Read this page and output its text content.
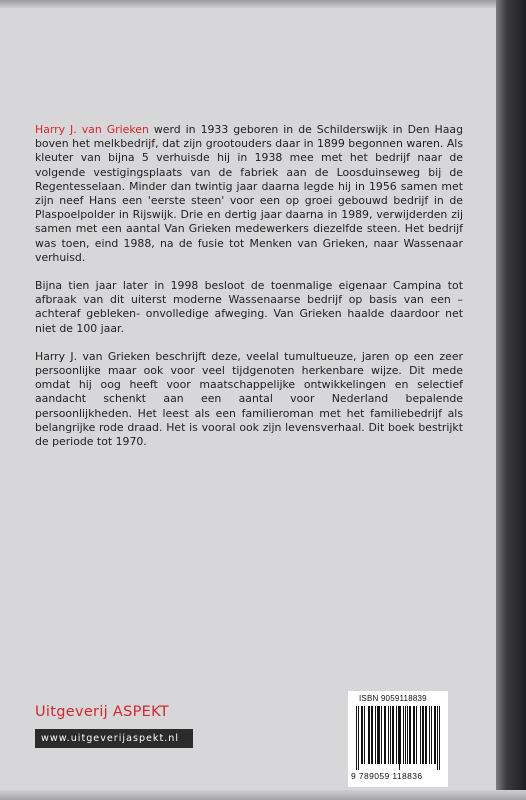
Harry J. van Grieken werd in 1933 geboren in de Schilderswijk in Den Haag boven het melkbedrijf, dat zijn grootouders daar in 1899 begonnen waren. Als kleuter van bijna 5 verhuisde hij in 1938 mee met het bedrijf naar de volgende vestigingsplaats van de fabriek aan de Loosduinseweg bij de Regentesselaan. Minder dan twintig jaar daarna legde hij in 1956 samen met zijn neef Hans een 'eerste steen' voor een op groei gebouwd bedrijf in de Plaspoelpolder in Rijswijk. Drie en dertig jaar daarna in 1989, verwijderden zij samen met een aantal Van Grieken medewerkers diezelfde steen. Het bedrijf was toen, eind 1988, na de fusie tot Menken van Grieken, naar Wassenaar verhuisd.

Bijna tien jaar later in 1998 besloot de toenmalige eigenaar Campina tot afbraak van dit uiterst moderne Wassenaarse bedrijf op basis van een – achteraf gebleken- onvolledige afweging. Van Grieken haalde daardoor net niet de 100 jaar.

Harry J. van Grieken beschrijft deze, veelal tumultueuze, jaren op een zeer persoonlijke maar ook voor veel tijdgenoten herkenbare wijze. Dit mede omdat hij oog heeft voor maatschappelijke ontwikkelingen en selectief aandacht schenkt aan een aantal voor Nederland bepalende persoonlijkheden. Het leest als een familieroman met het familiebedrijf als belangrijke rode draad. Het is vooral ook zijn levensverhaal. Dit boek bestrijkt de periode tot 1970.

Uitgeverij ASPEKT
www.uitgeverijaspekt.nl
ISBN 9059118839
9 789059 118836
